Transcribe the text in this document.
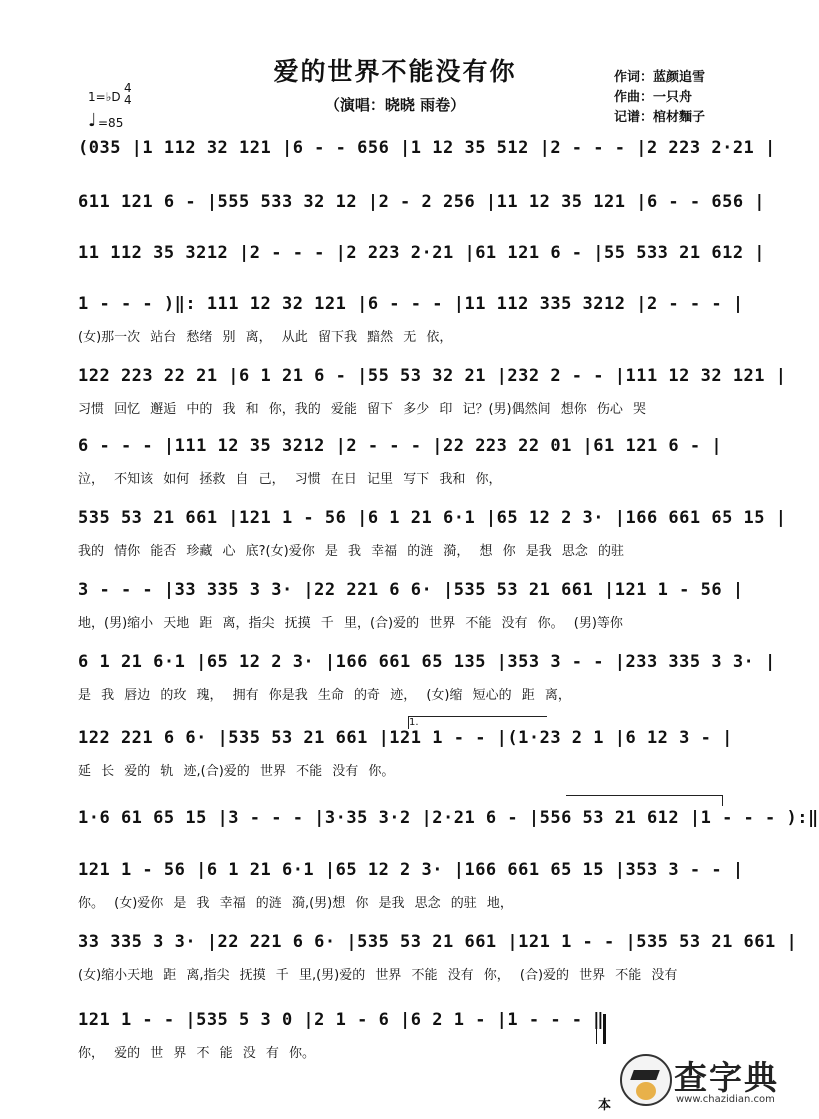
爱的世界不能没有你
（演唱：晓晓 雨卷）
作词：蓝颜追雪
作曲：一只舟
记谱：棺材麵子
1=♭D
4
4
♩ =85
(035 |1 112 32 121 |6 - - 656 |1 12 35 512 |2 - - - |2 223 2·21 |
611 121 6 - |555 533 32 12 |2 - 2 256 |11 12 35 121 |6 - - 656 |
11 112 35 3212 |2 - - - |2 223 2·21 |61 121 6 - |55 533 21 612 |
1 - - - )‖: 111 12 32 121 |6 - - - |11 112 335 3212 |2 - - - |
(女)那一次 站台 愁绪 别 离， 从此 留下我 黯然 无 依，
122 223 22 21 |6 1 21 6 - |55 53 32 21 |232 2 - - |111 12 32 121 |
习惯 回忆 邂逅 中的 我 和 你，我的 爱能 留下 多少 印 记？(男)偶然间 想你 伤心 哭
6 - - - |111 12 35 3212 |2 - - - |22 223 22 01 |61 121 6 - |
泣， 不知该 如何 拯救 自 己， 习惯 在日 记里 写下 我和 你，
535 53 21 661 |121 1 - 56 |6 1 21 6·1 |65 12 2 3· |166 661 65 15 |
我的 情你 能否 珍藏 心 底?(女)爱你 是 我 幸福 的涟 漪， 想 你 是我 思念 的驻
3 - - - |33 335 3 3· |22 221 6 6· |535 53 21 661 |121 1 - 56 |
地，(男)缩小 天地 距 离，指尖 抚摸 千 里，(合)爱的 世界 不能 没有 你。 (男)等你
6 1 21 6·1 |65 12 2 3· |166 661 65 135 |353 3 - - |233 335 3 3· |
是 我 唇边 的玫 瑰， 拥有 你是我 生命 的奇 迹， (女)缩 短心的 距 离，
122 221 6 6· |535 53 21 661 |121 1 - - |(1·23 2 1 |6 12 3 - |
延 长 爱的 轨 迹,(合)爱的 世界 不能 没有 你。
1·6 61 65 15 |3 - - - |3·35 3·2 |2·21 6 - |556 53 21 612 |1 - - - ):‖
121 1 - 56 |6 1 21 6·1 |65 12 2 3· |166 661 65 15 |353 3 - - |
你。 (女)爱你 是 我 幸福 的涟 漪,(男)想 你 是我 思念 的驻 地，
33 335 3 3· |22 221 6 6· |535 53 21 661 |121 1 - - |535 53 21 661 |
(女)缩小天地 距 离,指尖 抚摸 千 里,(男)爱的 世界 不能 没有 你， (合)爱的 世界 不能 没有
121 1 - - |535 5 3 0 |2 1 - 6 |6 2 1 - |1 - - - ‖
你， 爱的 世 界 不 能 没 有 你。
1.
本
查字典
www.chazidian.com
